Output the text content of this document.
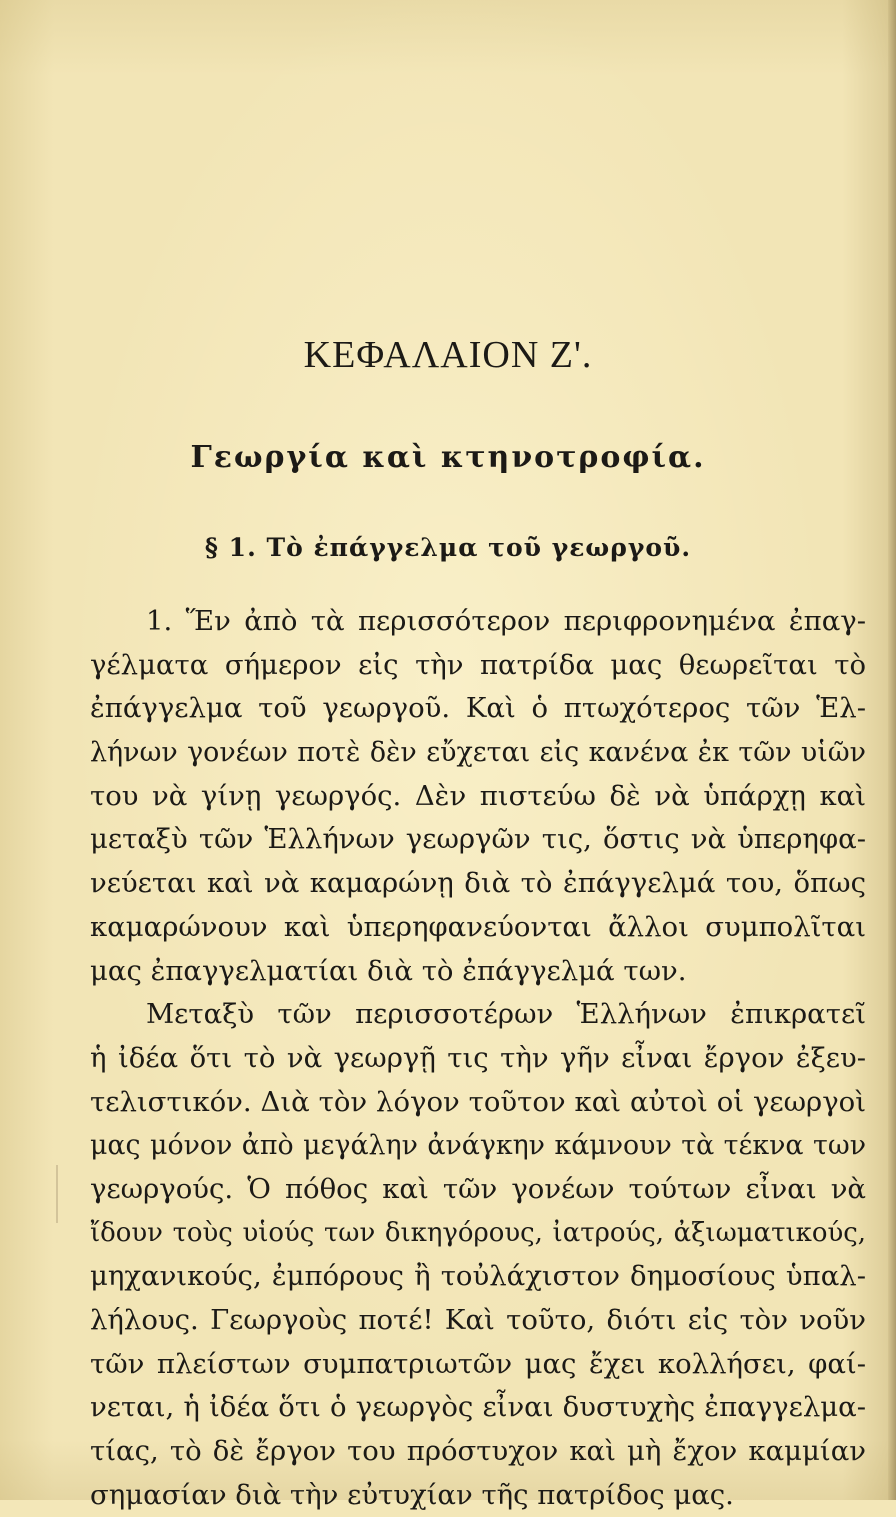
ΚΕΦΑΛΑΙΟΝ Ζ'.
Γεωργία καὶ κτηνοτροφία.
§ 1. Τὸ ἐπάγγελμα τοῦ γεωργοῦ.
1. Ἕν ἀπὸ τὰ περισσότερον περιφρονημένα ἐπαγ-
γέλματα σήμερον εἰς τὴν πατρίδα μας θεωρεῖται τὸ
ἐπάγγελμα τοῦ γεωργοῦ. Καὶ ὁ πτωχότερος τῶν Ἑλ-
λήνων γονέων ποτὲ δὲν εὔχεται εἰς κανένα ἐκ τῶν υἱῶν
του νὰ γίνῃ γεωργός. Δὲν πιστεύω δὲ νὰ ὑπάρχῃ καὶ
μεταξὺ τῶν Ἑλλήνων γεωργῶν τις, ὅστις νὰ ὑπερηφα-
νεύεται καὶ νὰ καμαρώνῃ διὰ τὸ ἐπάγγελμά του, ὅπως
καμαρώνουν καὶ ὑπερηφανεύονται ἄλλοι συμπολῖται
μας ἐπαγγελματίαι διὰ τὸ ἐπάγγελμά των.
Μεταξὺ τῶν περισσοτέρων Ἑλλήνων ἐπικρατεῖ
ἡ ἰδέα ὅτι τὸ νὰ γεωργῇ τις τὴν γῆν εἶναι ἔργον ἐξευ-
τελιστικόν. Διὰ τὸν λόγον τοῦτον καὶ αὐτοὶ οἱ γεωργοὶ
μας μόνον ἀπὸ μεγάλην ἀνάγκην κάμνουν τὰ τέκνα των
γεωργούς. Ὁ πόθος καὶ τῶν γονέων τούτων εἶναι νὰ
ἴδουν τοὺς υἱούς των δικηγόρους, ἰατρούς, ἀξιωματικούς,
μηχανικούς, ἐμπόρους ἢ τοὐλάχιστον δημοσίους ὑπαλ-
λήλους. Γεωργοὺς ποτέ! Καὶ τοῦτο, διότι εἰς τὸν νοῦν
τῶν πλείστων συμπατριωτῶν μας ἔχει κολλήσει, φαί-
νεται, ἡ ἰδέα ὅτι ὁ γεωργὸς εἶναι δυστυχὴς ἐπαγγελμα-
τίας, τὸ δὲ ἔργον του πρόστυχον καὶ μὴ ἔχον καμμίαν
σημασίαν διὰ τὴν εὐτυχίαν τῆς πατρίδος μας.
